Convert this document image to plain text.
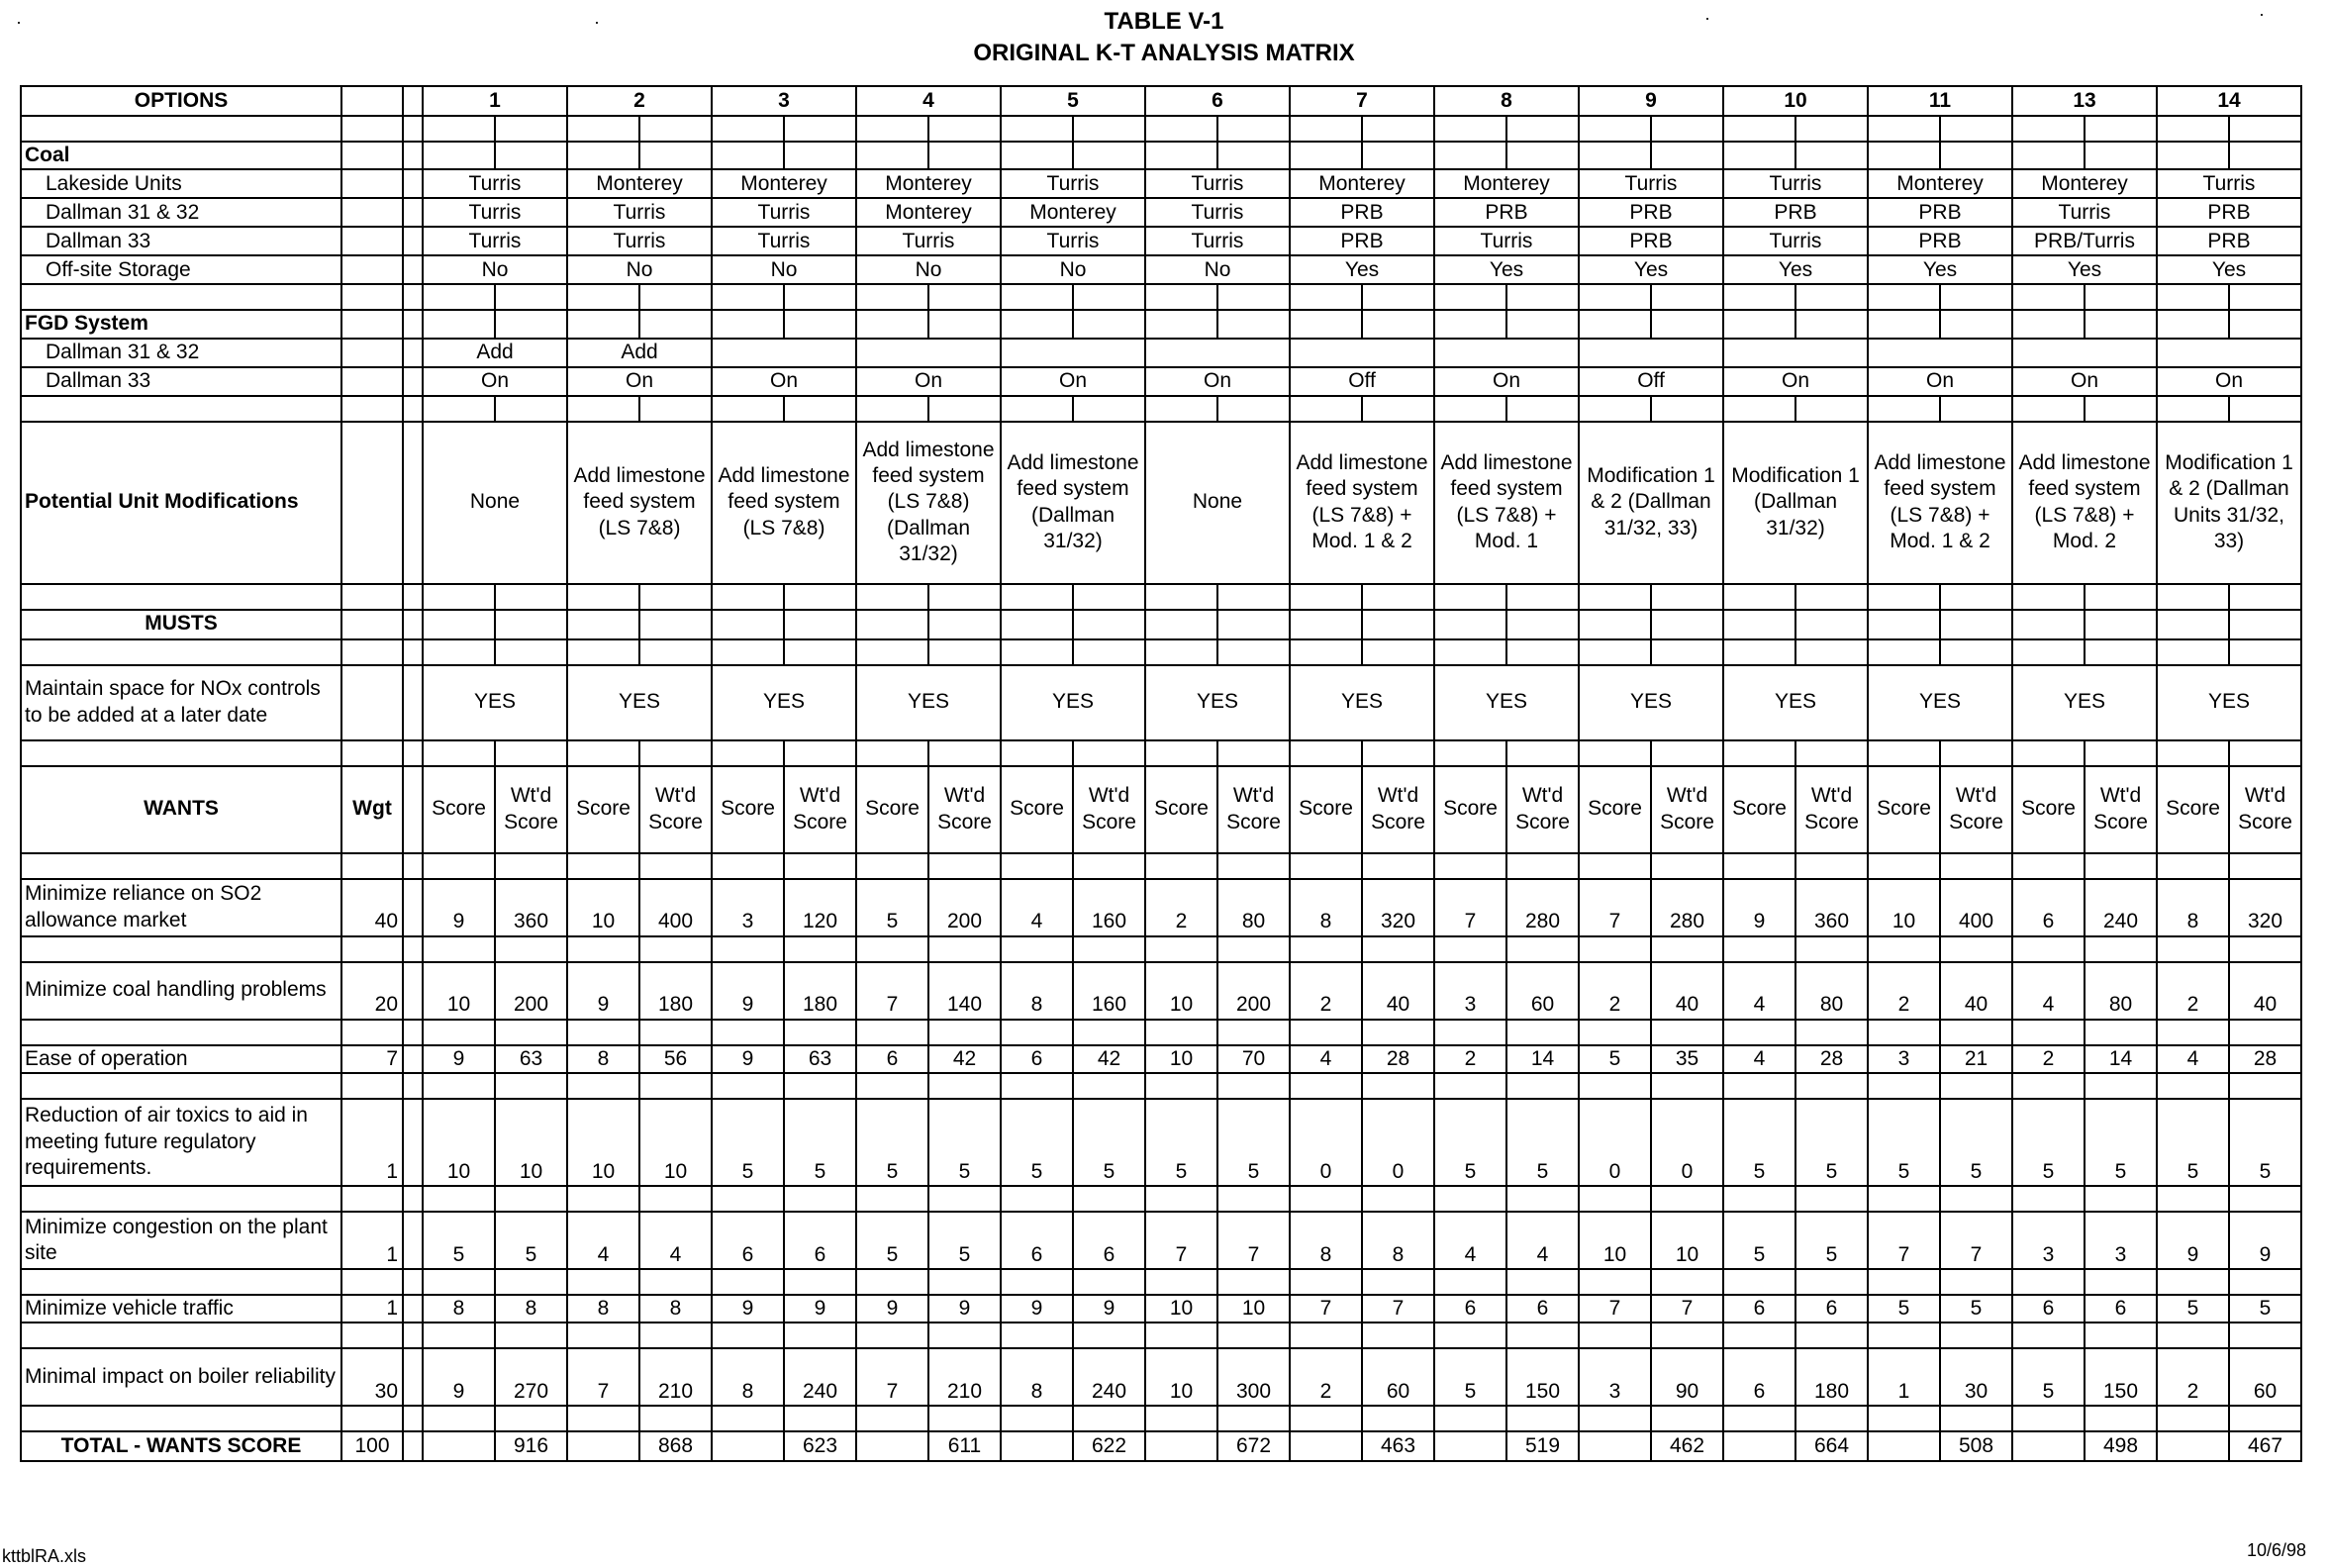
TABLE V-1
ORIGINAL K-T ANALYSIS MATRIX
·	·	·	·
OPTIONS			1		2		3		4		5		6		7		8		9		10		11		13		14	

Coal																												
Lakeside Units			Turris		Monterey		Monterey		Monterey		Turris		Turris		Monterey		Monterey		Turris		Turris		Monterey		Monterey		Turris	
Dallman 31 & 32			Turris		Turris		Turris		Monterey		Monterey		Turris		PRB		PRB		PRB		PRB		PRB		Turris		PRB	
Dallman 33			Turris		Turris		Turris		Turris		Turris		Turris		PRB		Turris		PRB		Turris		PRB		PRB/Turris		PRB	
Off-site Storage			No		No		No		No		No		No		Yes		Yes		Yes		Yes		Yes		Yes		Yes	

FGD System																												
Dallman 31 & 32			Add		Add																							
Dallman 33			On		On		On		On		On		On		Off		On		Off		On		On		On		On	

Potential Unit Modifications			None		Add limestone feed system (LS 7&8)		Add limestone feed system (LS 7&8)		Add limestone feed system (LS 7&8) (Dallman 31/32)		Add limestone feed system (Dallman 31/32)		None		Add limestone feed system (LS 7&8) + Mod. 1 & 2		Add limestone feed system (LS 7&8) + Mod. 1		Modification 1 & 2 (Dallman 31/32, 33)		Modification 1 (Dallman 31/32)		Add limestone feed system (LS 7&8) + Mod. 1 & 2		Add limestone feed system (LS 7&8) + Mod. 2		Modification 1 & 2 (Dallman Units 31/32, 33)	

MUSTS																												

Maintain space for NOx controls to be added at a later date			YES		YES		YES		YES		YES		YES		YES		YES		YES		YES		YES		YES		YES	

WANTS	Wgt		Score	Wt'd Score	Score	Wt'd Score	Score	Wt'd Score	Score	Wt'd Score	Score	Wt'd Score	Score	Wt'd Score	Score	Wt'd Score	Score	Wt'd Score	Score	Wt'd Score	Score	Wt'd Score	Score	Wt'd Score	Score	Wt'd Score	Score	Wt'd Score

Minimize reliance on SO2 allowance market	40		9	360	10	400	3	120	5	200	4	160	2	80	8	320	7	280	7	280	9	360	10	400	6	240	8	320

Minimize coal handling problems	20		10	200	9	180	9	180	7	140	8	160	10	200	2	40	3	60	2	40	4	80	2	40	4	80	2	40

Ease of operation	7		9	63	8	56	9	63	6	42	6	42	10	70	4	28	2	14	5	35	4	28	3	21	2	14	4	28

Reduction of air toxics to aid in meeting future regulatory requirements.	1		10	10	10	10	5	5	5	5	5	5	5	5	0	0	5	5	0	0	5	5	5	5	5	5	5	5

Minimize congestion on the plant site	1		5	5	4	4	6	6	5	5	6	6	7	7	8	8	4	4	10	10	5	5	7	7	3	3	9	9

Minimize vehicle traffic	1		8	8	8	8	9	9	9	9	9	9	10	10	7	7	6	6	7	7	6	6	5	5	6	6	5	5

Minimal impact on boiler reliability	30		9	270	7	210	8	240	7	210	8	240	10	300	2	60	5	150	3	90	6	180	1	30	5	150	2	60

TOTAL - WANTS SCORE	100			916		868		623		611		622		672		463		519		462		664		508		498		467
kttblRA.xls	10/6/98
